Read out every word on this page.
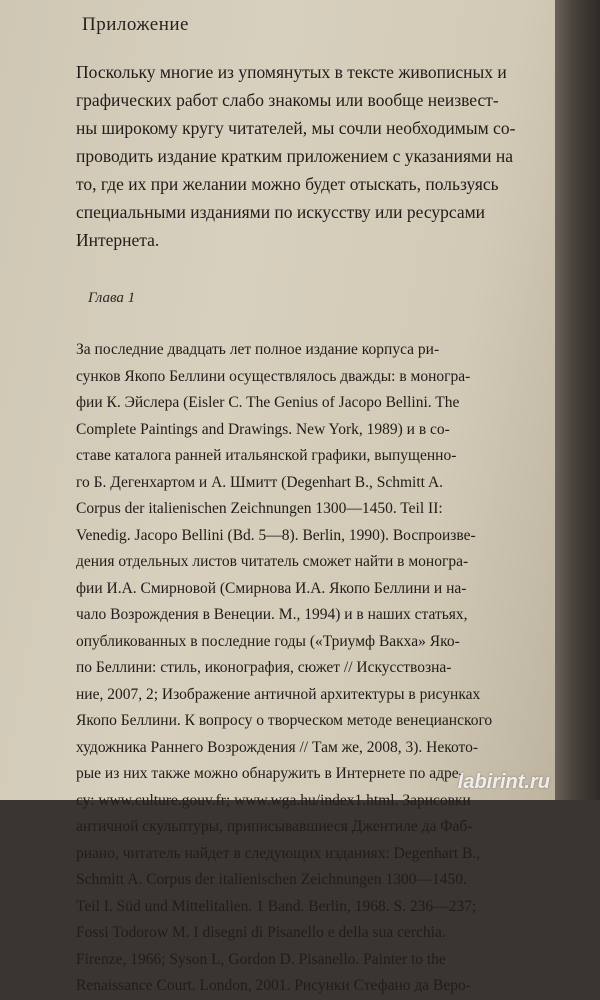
Приложение

Поскольку многие из упомянутых в тексте живописных и

графических работ слабо знакомы или вообще неизвест-

ны широкому кругу читателей, мы сочли необходимым со-

проводить издание кратким приложением с указаниями на

то, где их при желании можно будет отыскать, пользуясь

специальными изданиями по искусству или ресурсами

Интернета.

Глава 1

За последние двадцать лет полное издание корпуса ри-

сунков Якопо Беллини осуществлялось дважды: в моногра-

фии К. Эйслера (Eisler C. The Genius of Jacopo Bellini. The

Complete Paintings and Drawings. New York, 1989) и в со-

ставе каталога ранней итальянской графики, выпущенно-

го Б. Дегенхартом и А. Шмитт (Degenhart B., Schmitt A.

Corpus der italienischen Zeichnungen 1300—1450. Teil II:

Venedig. Jacopo Bellini (Bd. 5—8). Berlin, 1990). Воспроизве-

дения отдельных листов читатель сможет найти в моногра-

фии И.А. Смирновой (Смирнова И.А. Якопо Беллини и на-

чало Возрождения в Венеции. М., 1994) и в наших статьях,

опубликованных в последние годы («Триумф Вакха» Яко-

по Беллини: стиль, иконография, сюжет // Искусствозна-

ние, 2007, 2; Изображение античной архитектуры в рисунках

Якопо Беллини. К вопросу о творческом методе венецианского

художника Раннего Возрождения // Там же, 2008, 3). Некото-

рые из них также можно обнаружить в Интернете по адре-

су: www.culture.gouv.fr; www.wga.hu/index1.html. Зарисовки

античной скульптуры, приписывавшиеся Джентиле да Фаб-

риано, читатель найдет в следующих изданиях: Degenhart B.,

Schmitt A. Corpus der italienischen Zeichnungen 1300—1450.

Teil I. Süd und Mittelitalien. 1 Band. Berlin, 1968. S. 236—237;

Fossi Todorow M. I disegni di Pisanello e della sua cerchia.

Firenze, 1966; Syson L, Gordon D. Pisanello. Painter to the

Renaissance Court. London, 2001. Рисунки Стефано да Веро-

labirint.ru
